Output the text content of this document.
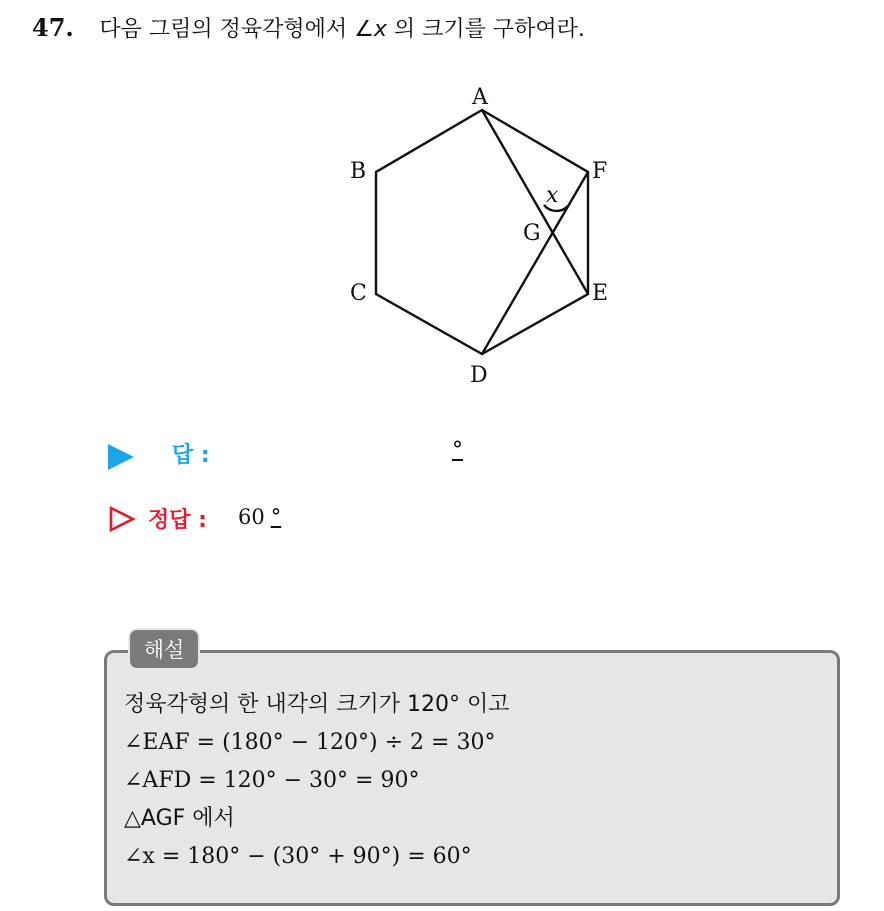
47. 다음 그림의 정육각형에서 ∠x 의 크기를 구하여라.
A
B
C
D
E
F
G
x
답 :	°
정답 : 60 °
해설
정육각형의 한 내각의 크기가 120° 이고
∠EAF = (180° − 120°) ÷ 2 = 30°
∠AFD = 120° − 30° = 90°
△AGF 에서
∠x = 180° − (30° + 90°) = 60°
